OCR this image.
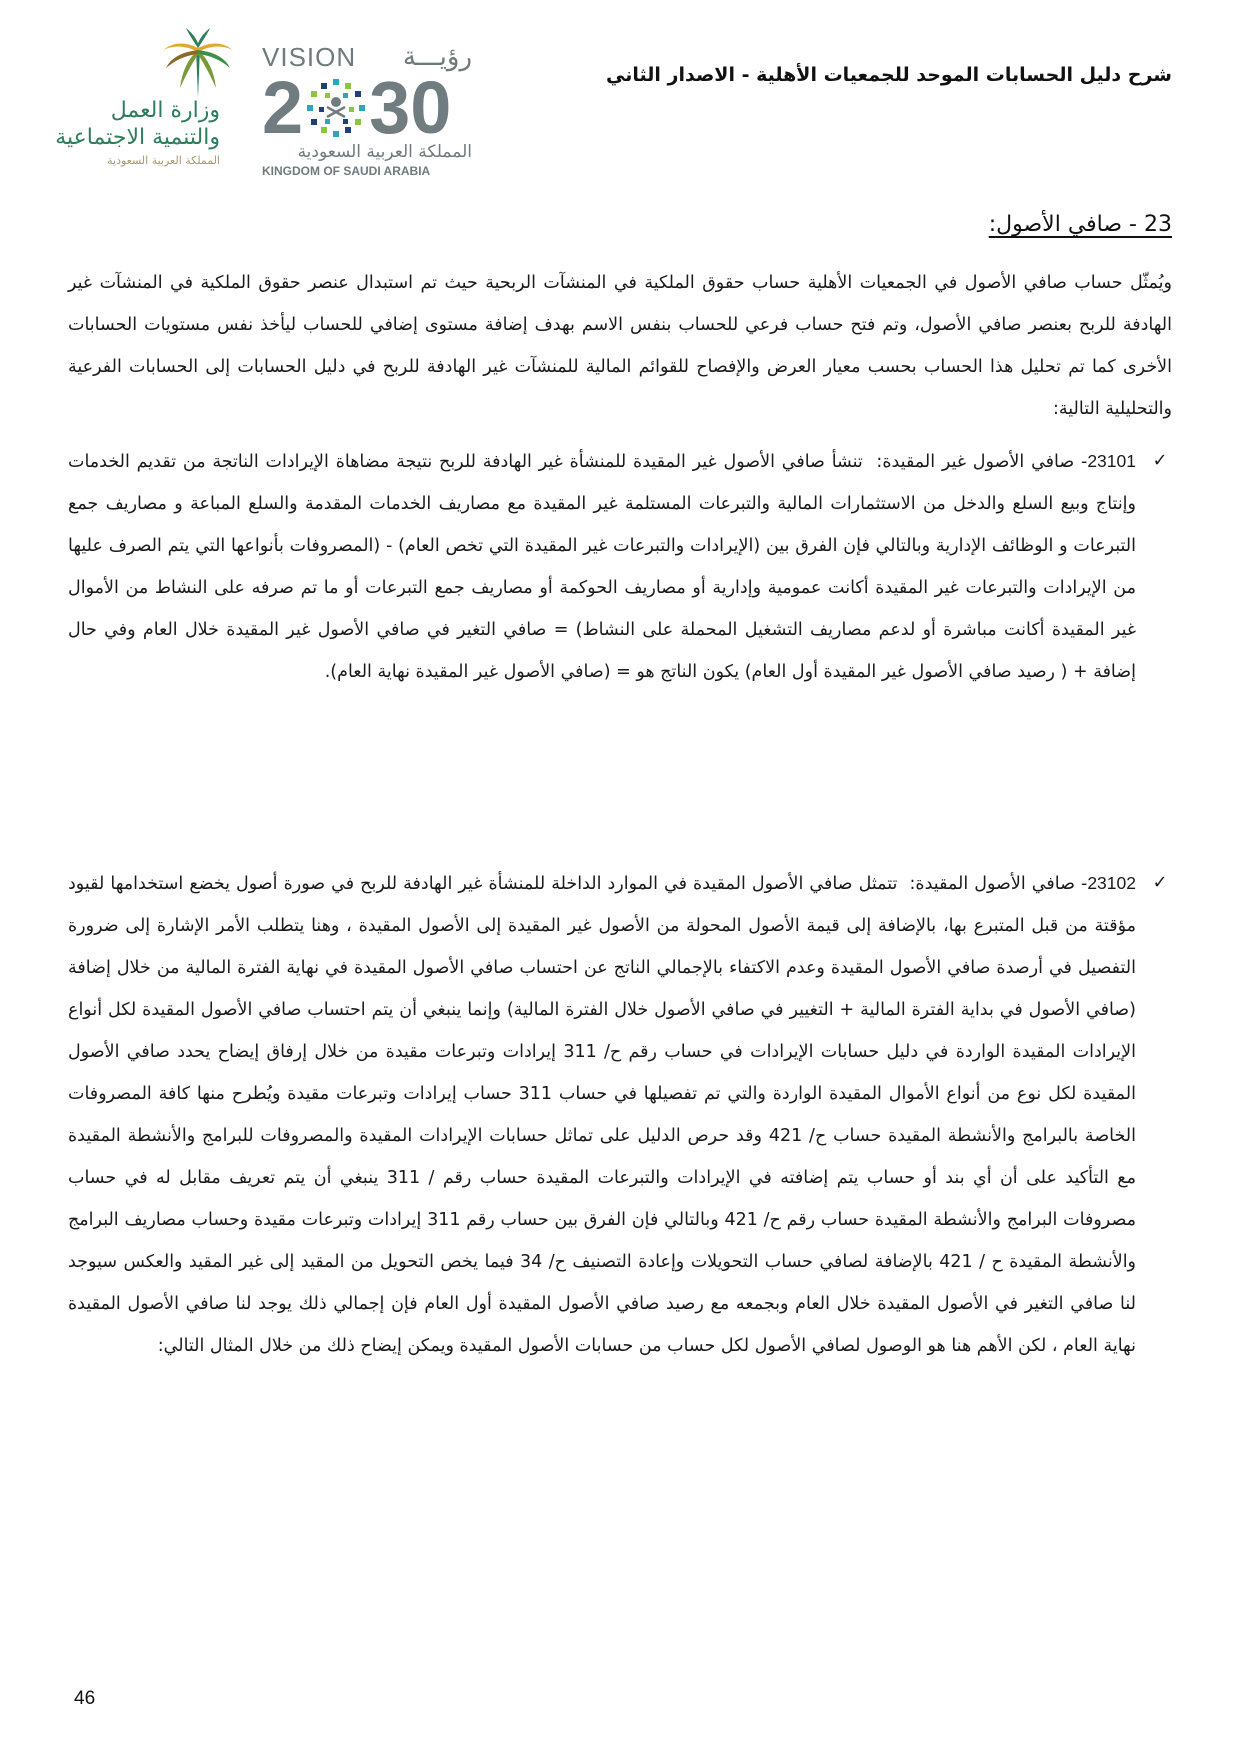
وزارة العمل
والتنمية الاجتماعية
المملكة العربية السعودية
VISION رؤيـــة
2 30
المملكة العربية السعودية
KINGDOM OF SAUDI ARABIA
شرح دليل الحسابات الموحد للجمعيات الأهلية - الاصدار الثاني
23 - صافي الأصول:
ويُمثّل حساب صافي الأصول في الجمعيات الأهلية حساب حقوق الملكية في المنشآت الربحية حيث تم استبدال عنصر حقوق الملكية في المنشآت غير الهادفة للربح بعنصر صافي الأصول، وتم فتح حساب فرعي للحساب بنفس الاسم بهدف إضافة مستوى إضافي للحساب ليأخذ نفس مستويات الحسابات الأخرى كما تم تحليل هذا الحساب بحسب معيار العرض والإفصاح للقوائم المالية للمنشآت غير الهادفة للربح في دليل الحسابات إلى الحسابات الفرعية والتحليلية التالية:
✓
23101- صافي الأصول غير المقيدة:  تنشأ صافي الأصول غير المقيدة للمنشأة غير الهادفة للربح نتيجة مضاهاة الإيرادات الناتجة من تقديم الخدمات وإنتاج وبيع السلع والدخل من الاستثمارات المالية والتبرعات المستلمة غير المقيدة مع مصاريف الخدمات المقدمة والسلع المباعة و مصاريف جمع التبرعات و الوظائف الإدارية وبالتالي فإن الفرق بين (الإيرادات والتبرعات غير المقيدة التي تخص العام) - (المصروفات بأنواعها التي يتم الصرف عليها من الإيرادات والتبرعات غير المقيدة أكانت عمومية وإدارية أو مصاريف الحوكمة أو مصاريف جمع التبرعات أو ما تم صرفه على النشاط من الأموال غير المقيدة أكانت مباشرة أو لدعم مصاريف التشغيل المحملة على النشاط) = صافي التغير في صافي الأصول غير المقيدة خلال العام وفي حال إضافة + ( رصيد صافي الأصول غير المقيدة أول العام) يكون الناتج هو = (صافي الأصول غير المقيدة نهاية العام).
✓
23102- صافي الأصول المقيدة:  تتمثل صافي الأصول المقيدة في الموارد الداخلة للمنشأة غير الهادفة للربح في صورة أصول يخضع استخدامها لقيود مؤقتة من قبل المتبرع بها، بالإضافة إلى قيمة الأصول المحولة من الأصول غير المقيدة إلى الأصول المقيدة ، وهنا يتطلب الأمر الإشارة إلى ضرورة التفصيل في أرصدة صافي الأصول المقيدة وعدم الاكتفاء بالإجمالي الناتج عن احتساب صافي الأصول المقيدة في نهاية الفترة المالية من خلال إضافة (صافي الأصول في بداية الفترة المالية + التغيير في صافي الأصول خلال الفترة المالية) وإنما ينبغي أن يتم احتساب صافي الأصول المقيدة لكل أنواع الإيرادات المقيدة الواردة في دليل حسابات الإيرادات في حساب رقم ح/ 311 إيرادات وتبرعات مقيدة من خلال إرفاق إيضاح يحدد صافي الأصول المقيدة لكل نوع من أنواع الأموال المقيدة الواردة والتي تم تفصيلها في حساب 311 حساب إيرادات وتبرعات مقيدة ويُطرح منها كافة المصروفات الخاصة بالبرامج والأنشطة المقيدة حساب ح/ 421 وقد حرص الدليل على تماثل حسابات الإيرادات المقيدة والمصروفات للبرامج والأنشطة المقيدة مع التأكيد على أن أي بند أو حساب يتم إضافته في الإيرادات والتبرعات المقيدة حساب رقم / 311 ينبغي أن يتم تعريف مقابل له في حساب مصروفات البرامج والأنشطة المقيدة حساب رقم ح/ 421 وبالتالي فإن الفرق بين حساب رقم 311 إيرادات وتبرعات مقيدة وحساب مصاريف البرامج والأنشطة المقيدة ح / 421 بالإضافة لصافي حساب التحويلات وإعادة التصنيف ح/ 34 فيما يخص التحويل من المقيد إلى غير المقيد والعكس سيوجد لنا صافي التغير في الأصول المقيدة خلال العام وبجمعه مع رصيد صافي الأصول المقيدة أول العام فإن إجمالي ذلك يوجد لنا صافي الأصول المقيدة نهاية العام ، لكن الأهم هنا هو الوصول لصافي الأصول لكل حساب من حسابات الأصول المقيدة ويمكن إيضاح ذلك من خلال المثال التالي:
46
